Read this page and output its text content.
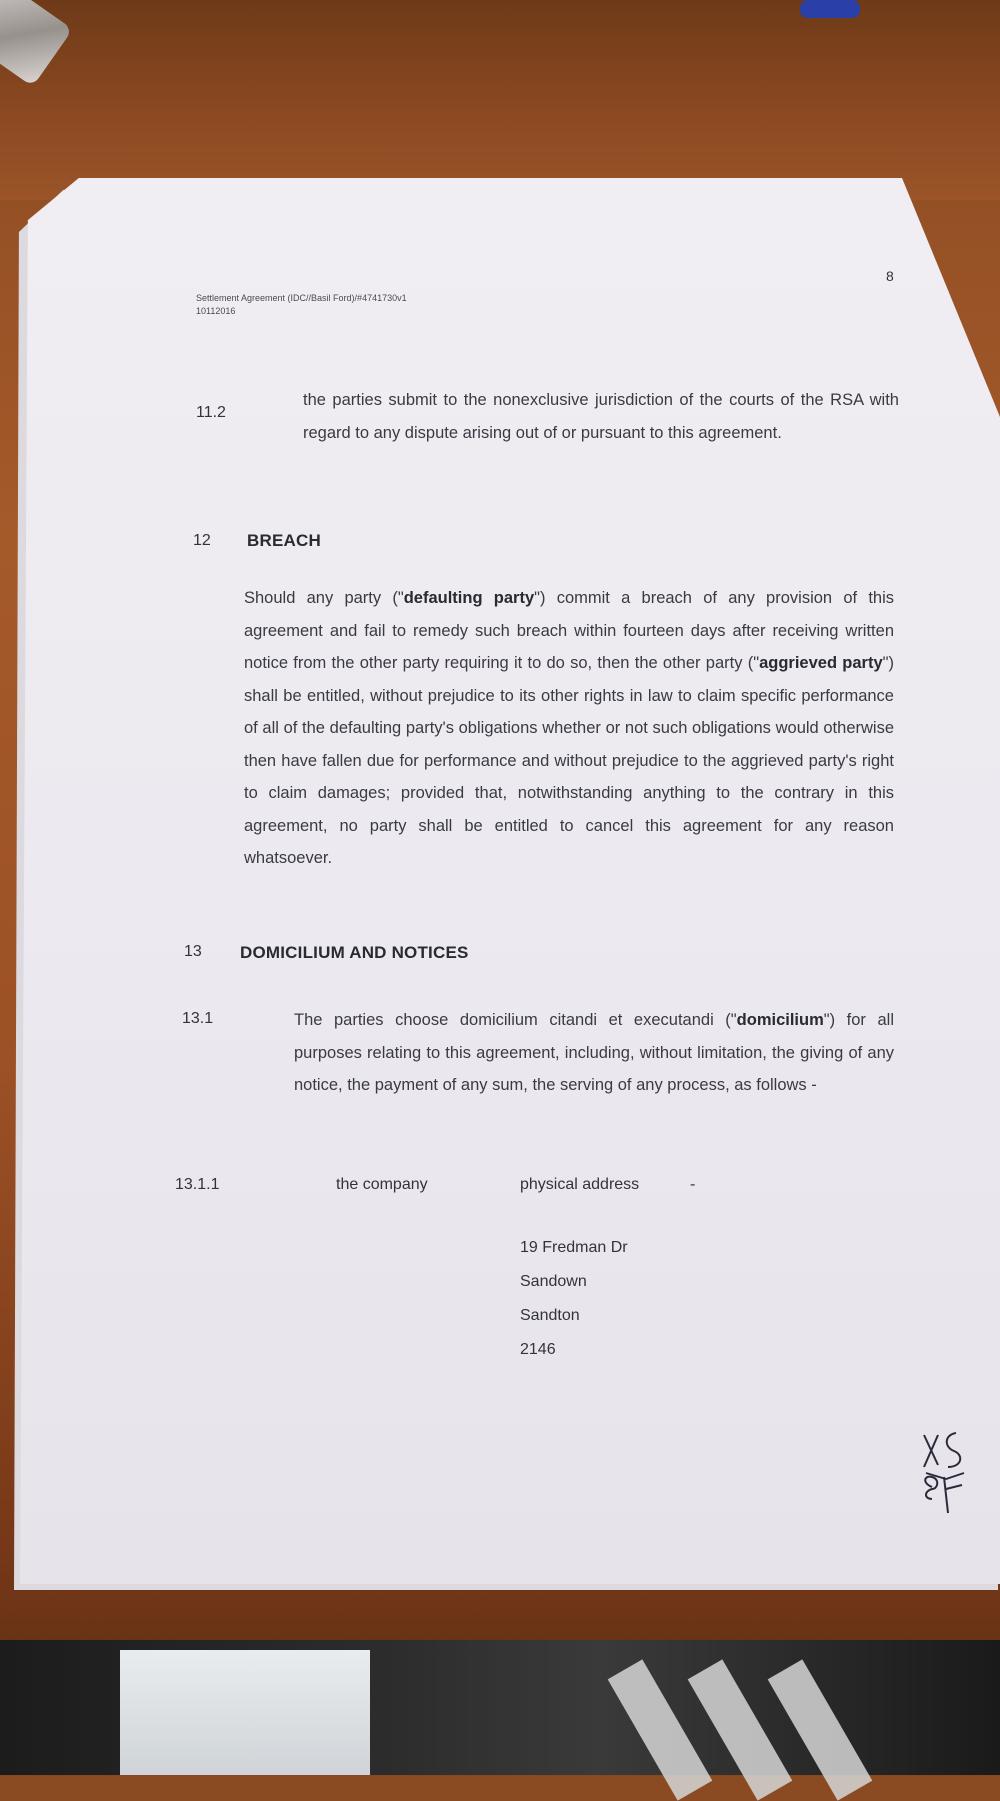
Settlement Agreement (IDC//Basil Ford)/#4741730v1
10112016
8
11.2
the parties submit to the nonexclusive jurisdiction of the courts of the RSA with regard to any dispute arising out of or pursuant to this agreement.
12 BREACH
Should any party ("defaulting party") commit a breach of any provision of this agreement and fail to remedy such breach within fourteen days after receiving written notice from the other party requiring it to do so, then the other party ("aggrieved party") shall be entitled, without prejudice to its other rights in law to claim specific performance of all of the defaulting party's obligations whether or not such obligations would otherwise then have fallen due for performance and without prejudice to the aggrieved party's right to claim damages; provided that, notwithstanding anything to the contrary in this agreement, no party shall be entitled to cancel this agreement for any reason whatsoever.
13 DOMICILIUM AND NOTICES
13.1	The parties choose domicilium citandi et executandi ("domicilium") for all purposes relating to this agreement, including, without limitation, the giving of any notice, the payment of any sum, the serving of any process, as follows -
13.1.1	the company	physical address	-
19 Fredman Dr
Sandown
Sandton
2146
